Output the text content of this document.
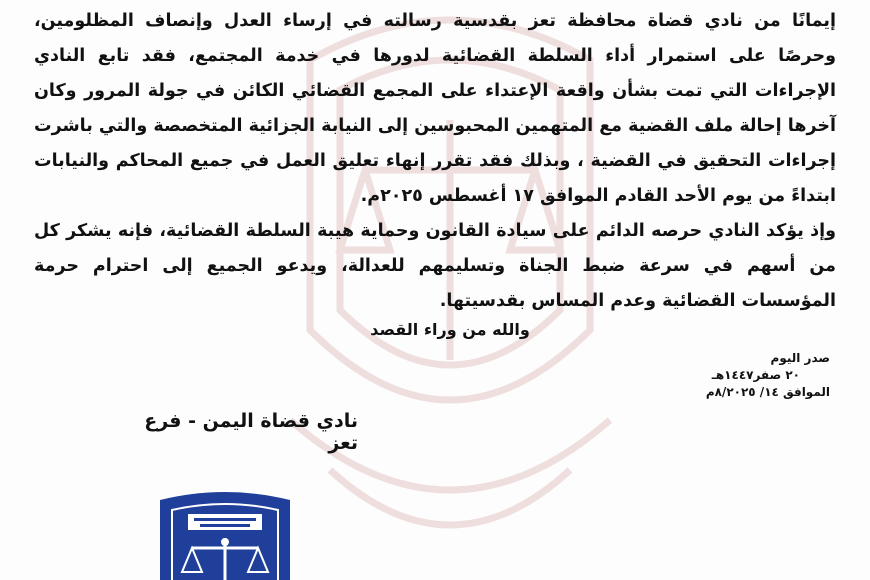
إيمانًا من نادي قضاة محافظة تعز بقدسية رسالته في إرساء العدل وإنصاف المظلومين، وحرصًا على استمرار أداء السلطة القضائية لدورها في خدمة المجتمع، فقد تابع النادي الإجراءات التي تمت بشأن واقعة الإعتداء على المجمع القضائي الكائن في جولة المرور وكان آخرها إحالة ملف القضية مع المتهمين المحبوسين إلى النيابة الجزائية المتخصصة والتي باشرت إجراءات التحقيق في القضية ، وبذلك فقد تقرر إنهاء تعليق العمل في جميع المحاكم والنيابات ابتداءً من يوم الأحد القادم الموافق ١٧ أغسطس ٢٠٢٥م.

وإذ يؤكد النادي حرصه الدائم على سيادة القانون وحماية هيبة السلطة القضائية، فإنه يشكر كل من أسهم في سرعة ضبط الجناة وتسليمهم للعدالة، ويدعو الجميع إلى احترام حرمة المؤسسات القضائية وعدم المساس بقدسيتها.

والله من وراء القصد
صدر اليوم
٢٠ صفر١٤٤٧هـ
الموافق ١٤/ ٨/٢٠٢٥م
نادي قضاة اليمن - فرع تعز
